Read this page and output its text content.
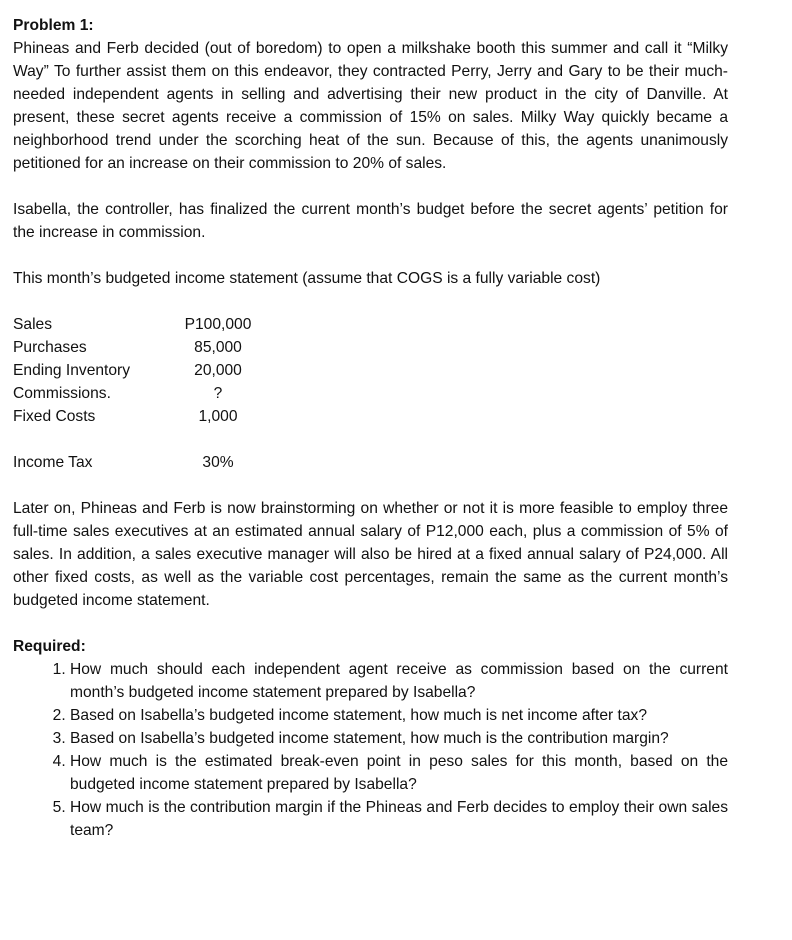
Problem 1:

Phineas and Ferb decided (out of boredom) to open a milkshake booth this summer and call it “Milky Way” To further assist them on this endeavor, they contracted Perry, Jerry and Gary to be their much-needed independent agents in selling and advertising their new product in the city of Danville. At present, these secret agents receive a commission of 15% on sales. Milky Way quickly became a neighborhood trend under the scorching heat of the sun. Because of this, the agents unanimously petitioned for an increase on their commission to 20% of sales.

Isabella, the controller, has finalized the current month’s budget before the secret agents’ petition for the increase in commission.

This month’s budgeted income statement (assume that COGS is a fully variable cost)

Sales	P100,000
Purchases	85,000
Ending Inventory	20,000
Commissions.	?
Fixed Costs	1,000
Income Tax	30%

Later on, Phineas and Ferb is now brainstorming on whether or not it is more feasible to employ three full-time sales executives at an estimated annual salary of P12,000 each, plus a commission of 5% of sales. In addition, a sales executive manager will also be hired at a fixed annual salary of P24,000. All other fixed costs, as well as the variable cost percentages, remain the same as the current month’s budgeted income statement.

Required:
1. How much should each independent agent receive as commission based on the current month’s budgeted income statement prepared by Isabella?
2. Based on Isabella’s budgeted income statement, how much is net income after tax?
3. Based on Isabella’s budgeted income statement, how much is the contribution margin?
4. How much is the estimated break-even point in peso sales for this month, based on the budgeted income statement prepared by Isabella?
5. How much is the contribution margin if the Phineas and Ferb decides to employ their own sales team?
